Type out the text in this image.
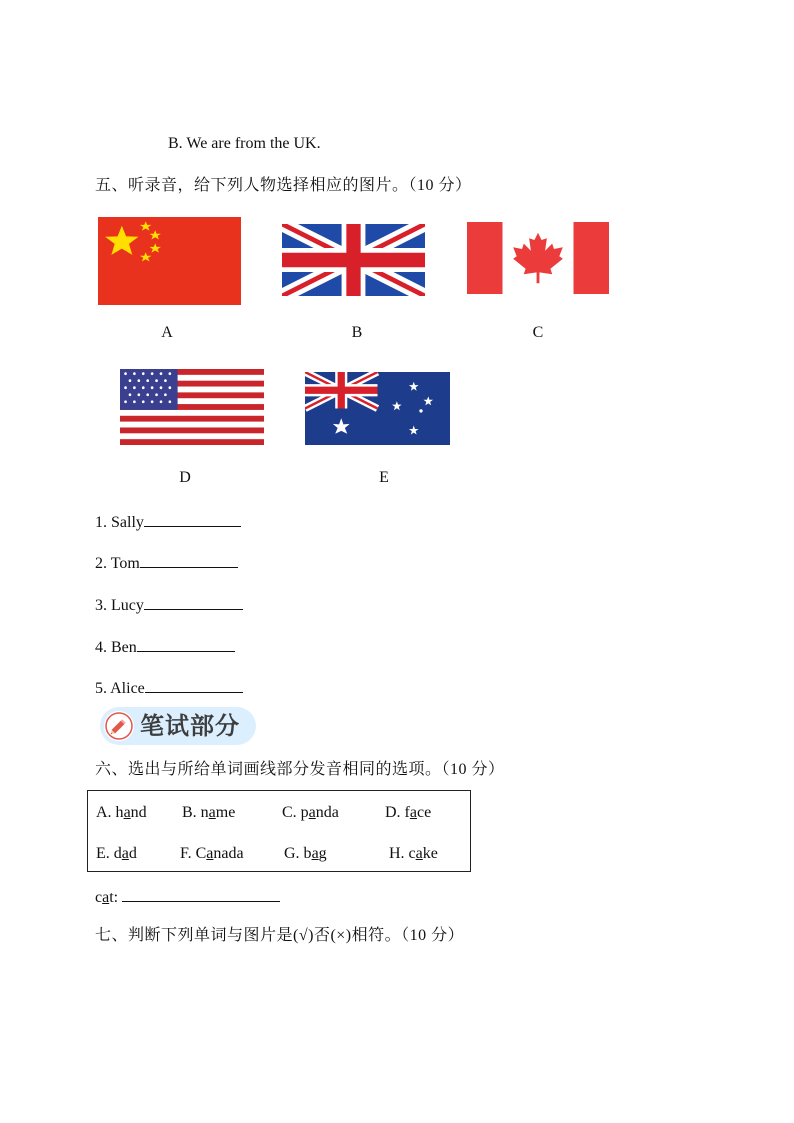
B. We are from the UK.
五、听录音，给下列人物选择相应的图片。（10 分）
A	B	C
D	E
1. Sally
2. Tom
3. Lucy
4. Ben
5. Alice
笔试部分
六、选出与所给单词画线部分发音相同的选项。（10 分）
A. hand B. name	C. panda	D. face
E. dad	F. Canada	G. bag	H. cake
cat:
七、判断下列单词与图片是(√)否(×)相符。（10 分）
